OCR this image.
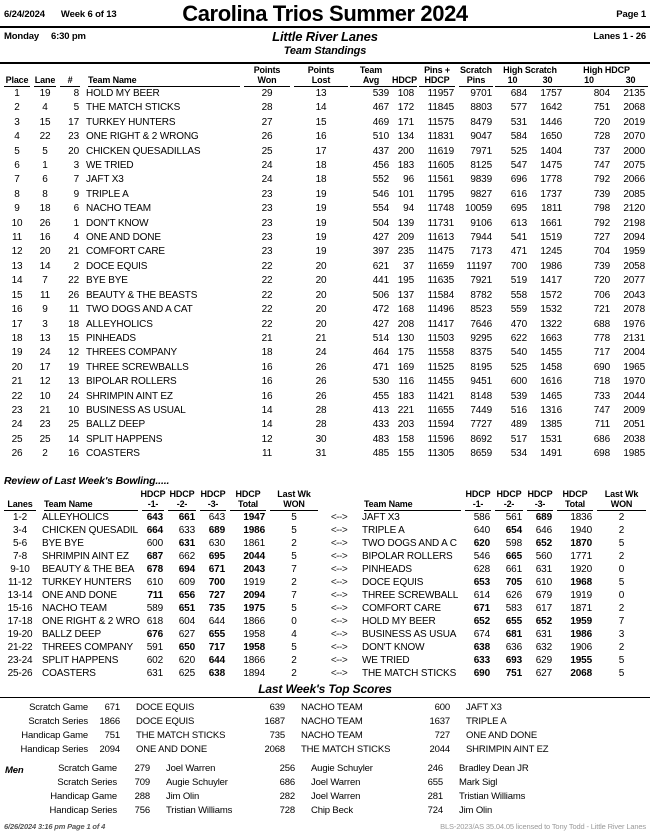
6/24/2024 Week 6 of 13	Carolina Trios Summer 2024	Page 1
Monday 6:30 pm	Little River Lanes	Lanes 1 - 26
Team Standings
				Points	Points	Team		Pins +	Scratch	High Scratch		High HDCP	

Place	Lane	#	Team Name	Won	Lost	Avg	HDCP	HDCP	Pins	10	30	10	30

1	19	8	HOLD MY BEER	29	13	539	108	11957	9701	684	1757	804	2135
2	4	5	THE MATCH STICKS	28	14	467	172	11845	8803	577	1642	751	2068
3	15	17	TURKEY HUNTERS	27	15	469	171	11575	8479	531	1446	720	2019
4	22	23	ONE RIGHT & 2 WRONG	26	16	510	134	11831	9047	584	1650	728	2070
5	5	20	CHICKEN QUESADILLAS	25	17	437	200	11619	7971	525	1404	737	2000
6	1	3	WE TRIED	24	18	456	183	11605	8125	547	1475	747	2075
7	6	7	JAFT X3	24	18	552	96	11561	9839	696	1778	792	2066
8	8	9	TRIPLE A	23	19	546	101	11795	9827	616	1737	739	2085
9	18	6	NACHO TEAM	23	19	554	94	11748	10059	695	1811	798	2120
10	26	1	DON'T KNOW	23	19	504	139	11731	9106	613	1661	792	2198
11	16	4	ONE AND DONE	23	19	427	209	11613	7944	541	1519	727	2094
12	20	21	COMFORT CARE	23	19	397	235	11475	7173	471	1245	704	1959
13	14	2	DOCE EQUIS	22	20	621	37	11659	11197	700	1986	739	2058
14	7	22	BYE BYE	22	20	441	195	11635	7921	519	1417	720	2077
15	11	26	BEAUTY & THE BEASTS	22	20	506	137	11584	8782	558	1572	706	2043
16	9	11	TWO DOGS AND A CAT	22	20	472	168	11496	8523	559	1532	721	2078
17	3	18	ALLEYHOLICS	22	20	427	208	11417	7646	470	1322	688	1976
18	13	15	PINHEADS	21	21	514	130	11503	9295	622	1663	778	2131
19	24	12	THREES COMPANY	18	24	464	175	11558	8375	540	1455	717	2004
20	17	19	THREE SCREWBALLS	16	26	471	169	11525	8195	525	1458	690	1965
21	12	13	BIPOLAR ROLLERS	16	26	530	116	11455	9451	600	1616	718	1970
22	10	24	SHRIMPIN AINT EZ	16	26	455	183	11421	8148	539	1465	733	2044
23	21	10	BUSINESS AS USUAL	14	28	413	221	11655	7449	516	1316	747	2009
24	23	25	BALLZ DEEP	14	28	433	203	11594	7727	489	1385	711	2051
25	25	14	SPLIT HAPPENS	12	30	483	158	11596	8692	517	1531	686	2038
26	2	16	COASTERS	11	31	485	155	11305	8659	534	1491	698	1985
Review of Last Week's Bowling.....
		HDCP	HDCP	HDCP	HDCP	Last Wk			HDCP	HDCP	HDCP	HDCP	Last Wk

Lanes	Team Name	-1-	-2-	-3-	Total	WON		Team Name	-1-	-2-	-3-	Total	WON

1-2	ALLEYHOLICS	643	661	643	1947	5	<-->	JAFT X3	586	561	689	1836	2
3-4	CHICKEN QUESADIL	664	633	689	1986	5	<-->	TRIPLE A	640	654	646	1940	2
5-6	BYE BYE	600	631	630	1861	2	<-->	TWO DOGS AND A C	620	598	652	1870	5
7-8	SHRIMPIN AINT EZ	687	662	695	2044	5	<-->	BIPOLAR ROLLERS	546	665	560	1771	2
9-10	BEAUTY & THE BEA	678	694	671	2043	7	<-->	PINHEADS	628	661	631	1920	0
11-12	TURKEY HUNTERS	610	609	700	1919	2	<-->	DOCE EQUIS	653	705	610	1968	5
13-14	ONE AND DONE	711	656	727	2094	7	<-->	THREE SCREWBALL	614	626	679	1919	0
15-16	NACHO TEAM	589	651	735	1975	5	<-->	COMFORT CARE	671	583	617	1871	2
17-18	ONE RIGHT & 2 WRO	618	604	644	1866	0	<-->	HOLD MY BEER	652	655	652	1959	7
19-20	BALLZ DEEP	676	627	655	1958	4	<-->	BUSINESS AS USUA	674	681	631	1986	3
21-22	THREES COMPANY	591	650	717	1958	5	<-->	DON'T KNOW	638	636	632	1906	2
23-24	SPLIT HAPPENS	602	620	644	1866	2	<-->	WE TRIED	633	693	629	1955	5
25-26	COASTERS	631	625	638	1894	2	<-->	THE MATCH STICKS	690	751	627	2068	5
Last Week's Top Scores
Scratch Game	671	DOCE EQUIS	639	NACHO TEAM	600	JAFT X3
Scratch Series	1866	DOCE EQUIS	1687	NACHO TEAM	1637	TRIPLE A
Handicap Game	751	THE MATCH STICKS	735	NACHO TEAM	727	ONE AND DONE
Handicap Series	2094	ONE AND DONE	2068	THE MATCH STICKS	2044	SHRIMPIN AINT EZ
Men	Scratch Game	279	Joel Warren	256	Augie Schuyler	246	Bradley Dean JR
Scratch Series	709	Augie Schuyler	686	Joel Warren	655	Mark Sigl
Handicap Game	288	Jim Olin	282	Joel Warren	281	Tristian Williams
Handicap Series	756	Tristian Williams	728	Chip Beck	724	Jim Olin
6/26/2024 3:16 pm Page 1 of 4	BLS-2023/AS 35.04.05 licensed to Tony Todd - Little River Lanes
